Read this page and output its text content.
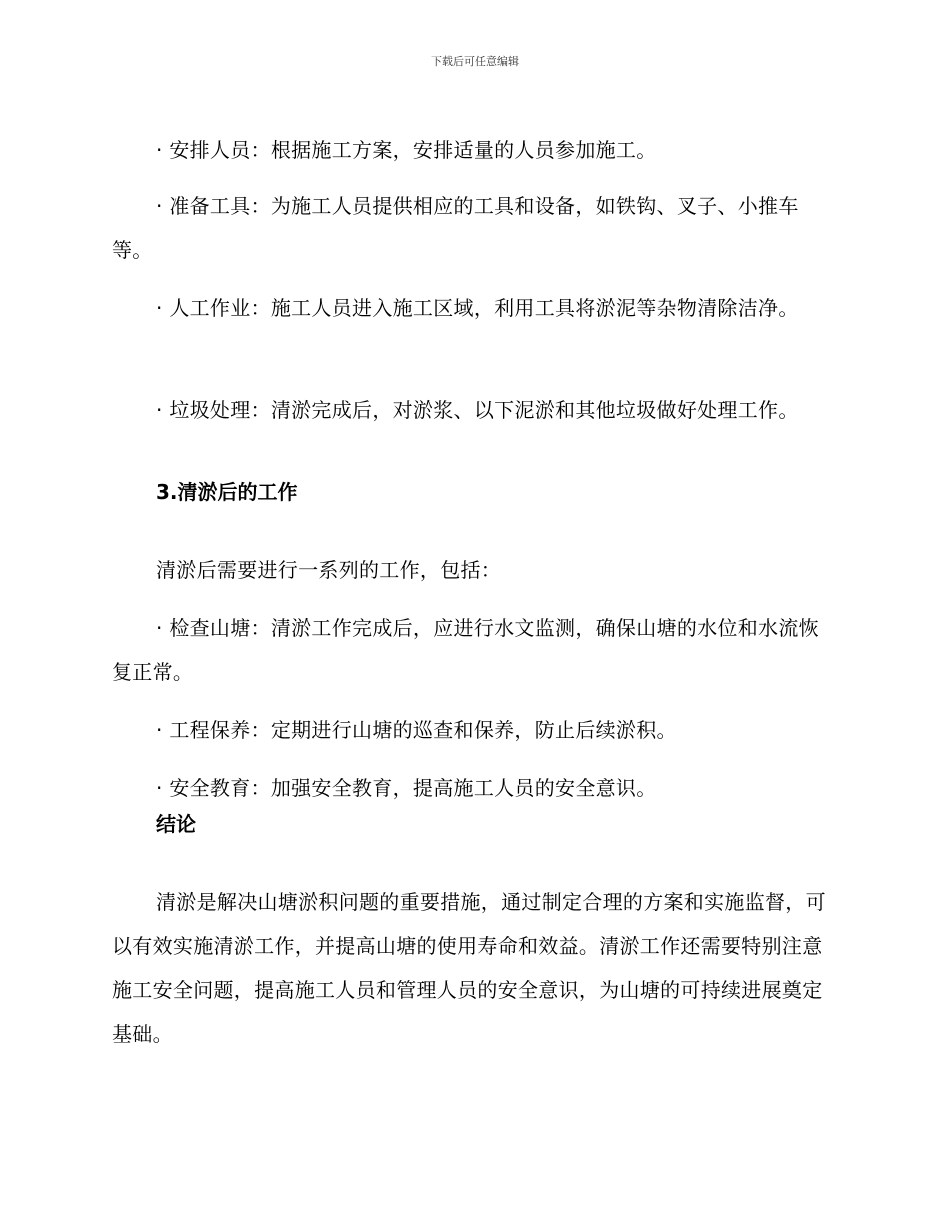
下载后可任意编辑

· 安排人员：根据施工方案，安排适量的人员参加施工。

· 准备工具：为施工人员提供相应的工具和设备，如铁钩、叉子、小推车等。

· 人工作业：施工人员进入施工区域，利用工具将淤泥等杂物清除洁净。

· 垃圾处理：清淤完成后，对淤浆、以下泥淤和其他垃圾做好处理工作。

3.清淤后的工作

清淤后需要进行一系列的工作，包括：

· 检查山塘：清淤工作完成后，应进行水文监测，确保山塘的水位和水流恢复正常。

· 工程保养：定期进行山塘的巡查和保养，防止后续淤积。

· 安全教育：加强安全教育，提高施工人员的安全意识。

结论

清淤是解决山塘淤积问题的重要措施，通过制定合理的方案和实施监督，可以有效实施清淤工作，并提高山塘的使用寿命和效益。清淤工作还需要特别注意施工安全问题，提高施工人员和管理人员的安全意识，为山塘的可持续进展奠定基础。
